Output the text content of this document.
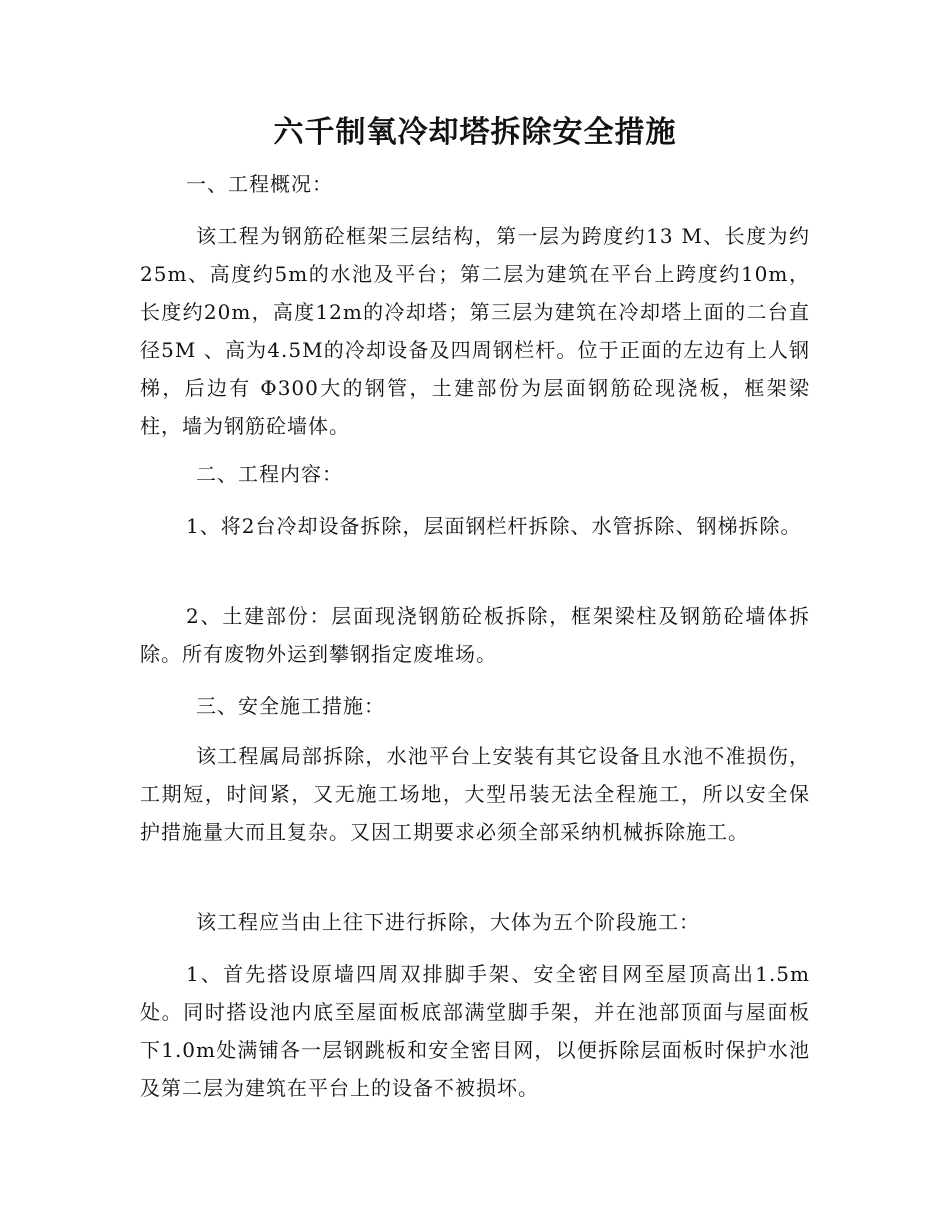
六千制氧冷却塔拆除安全措施

一、工程概况：

该工程为钢筋砼框架三层结构，第一层为跨度约13 M、长度为约25m、高度约5m的水池及平台；第二层为建筑在平台上跨度约10m，长度约20m，高度12m的冷却塔；第三层为建筑在冷却塔上面的二台直径5M 、高为4.5M的冷却设备及四周钢栏杆。位于正面的左边有上人钢梯，后边有 Φ300大的钢管，土建部份为层面钢筋砼现浇板，框架梁柱，墙为钢筋砼墙体。

二、工程内容：

1、将2台冷却设备拆除，层面钢栏杆拆除、水管拆除、钢梯拆除。

2、土建部份：层面现浇钢筋砼板拆除，框架梁柱及钢筋砼墙体拆除。所有废物外运到攀钢指定废堆场。

三、安全施工措施：

该工程属局部拆除，水池平台上安装有其它设备且水池不准损伤，工期短，时间紧，又无施工场地，大型吊装无法全程施工，所以安全保护措施量大而且复杂。又因工期要求必须全部采纳机械拆除施工。

该工程应当由上往下进行拆除，大体为五个阶段施工：

1、首先搭设原墙四周双排脚手架、安全密目网至屋顶高出1.5m处。同时搭设池内底至屋面板底部满堂脚手架，并在池部顶面与屋面板下1.0m处满铺各一层钢跳板和安全密目网，以便拆除层面板时保护水池及第二层为建筑在平台上的设备不被损坏。
